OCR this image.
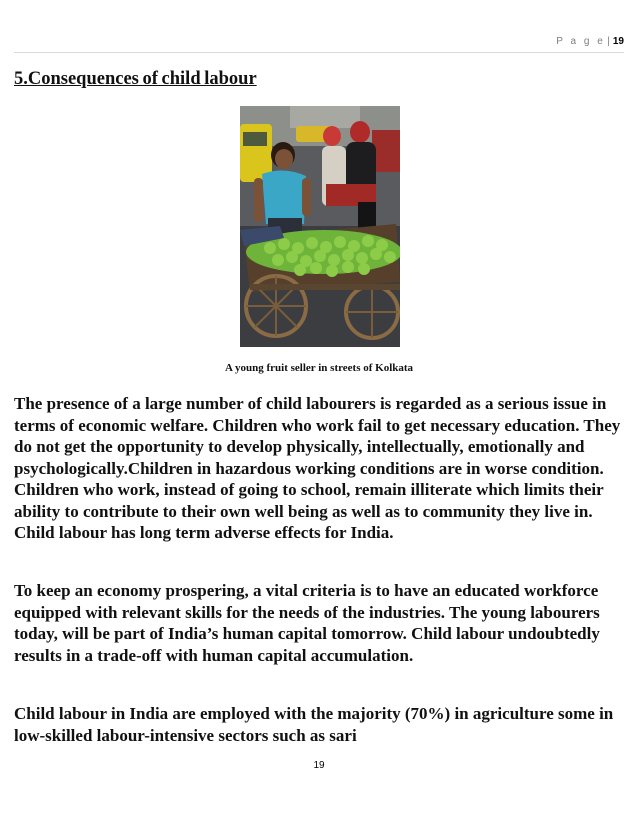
P a g e | 19
5.Consequences of child labour

A young fruit seller in streets of Kolkata

The presence of a large number of child labourers is regarded as a serious issue in terms of economic welfare. Children who work fail to get necessary education. They do not get the opportunity to develop physically, intellectually, emotionally and psychologically.Children in hazardous working conditions are in worse condition. Children who work, instead of going to school, remain illiterate which limits their ability to contribute to their own well being as well as to community they live in. Child labour has long term adverse effects for India.

To keep an economy prospering, a vital criteria is to have an educated workforce equipped with relevant skills for the needs of the industries. The young labourers today, will be part of India’s human capital tomorrow. Child labour undoubtedly results in a trade-off with human capital accumulation.

Child labour in India are employed with the majority (70%) in agriculture some in low-skilled labour-intensive sectors such as sari

19
